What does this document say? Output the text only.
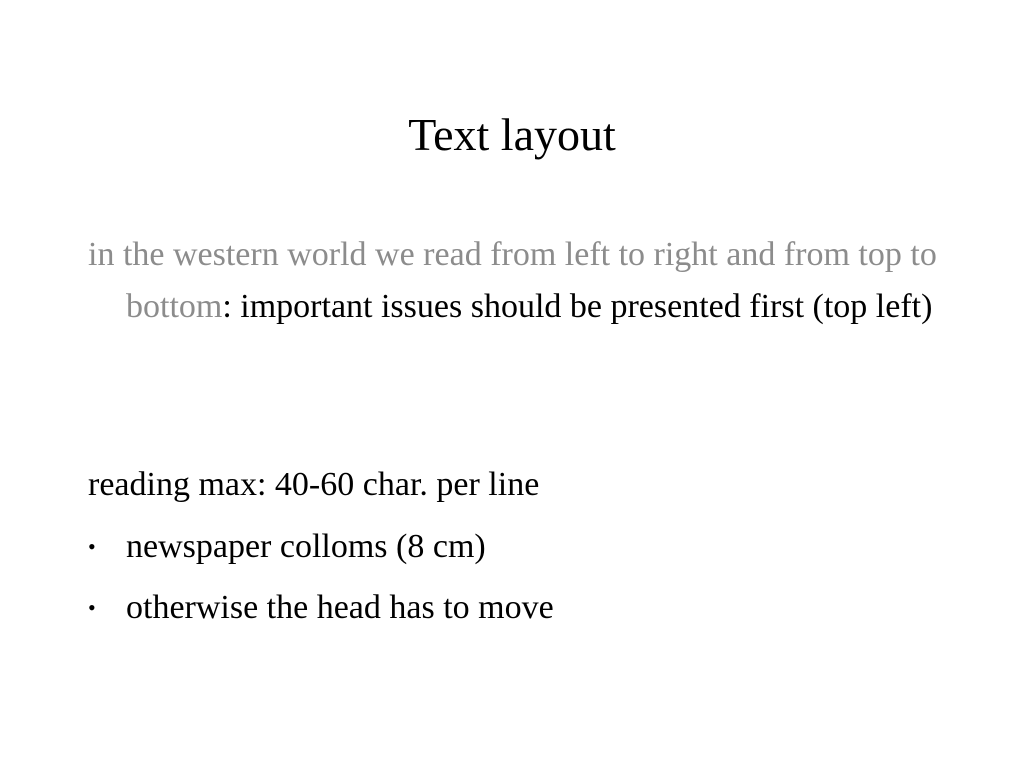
Text layout

in the western world we read from left to right and from top to bottom: important issues should be presented first (top left)

reading max: 40-60 char. per line

• newspaper colloms (8 cm)
• otherwise the head has to move
